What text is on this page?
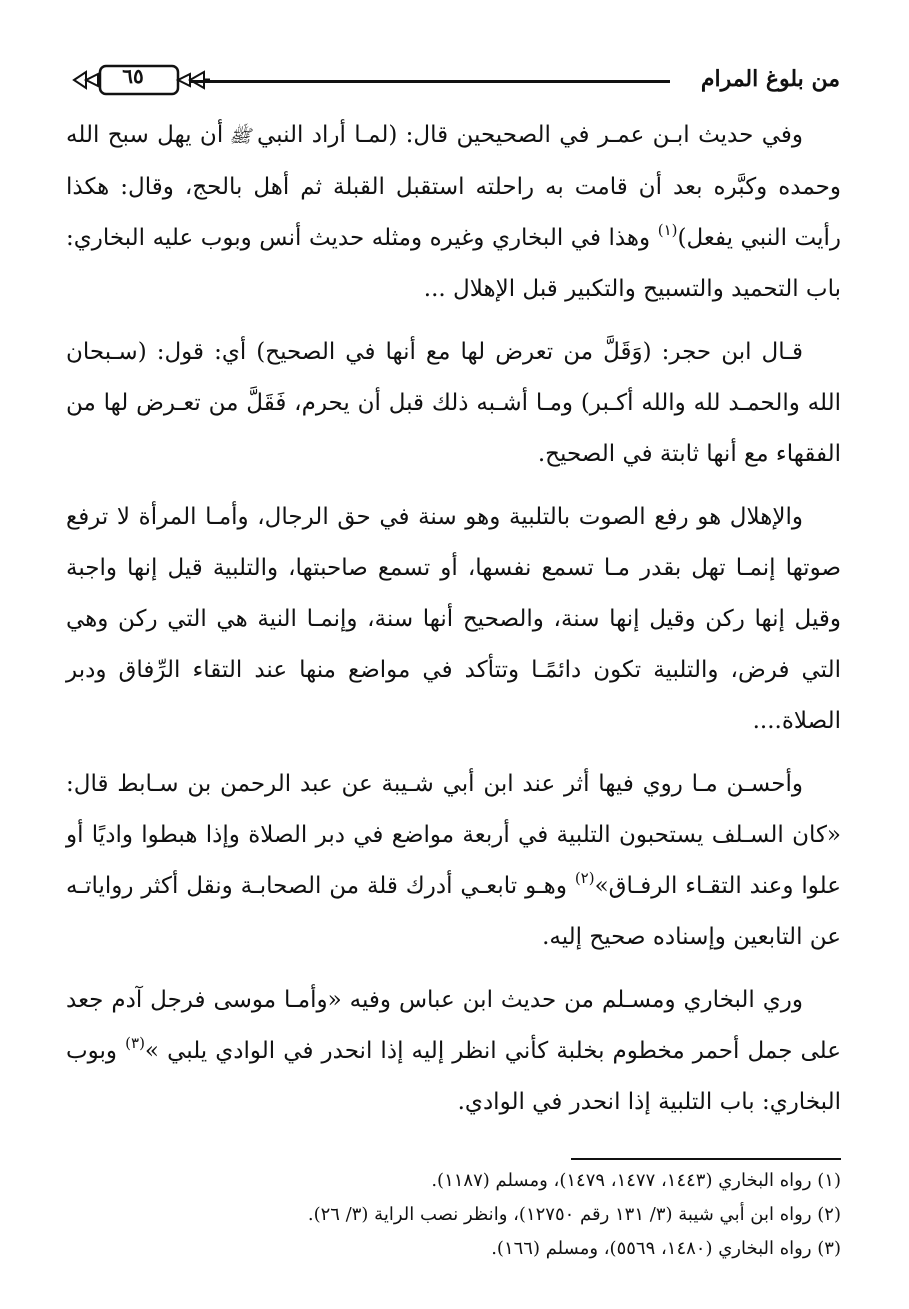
من بلوغ المرام
٦٥

وفي حديث ابـن عمـر في الصحيحين قال: (لمـا أراد النبيﷺأن يهل سبح الله وحمده وكبَّره بعد أن قامت به راحلته استقبل القبلة ثم أهل بالحج، وقال: هكذا رأيت النبي يفعل)$^{(١)}$ وهذا في البخاري وغيره ومثله حديث أنس وبوب عليه البخاري: باب التحميد والتسبيح والتكبير قبل الإهلال ...

قـال ابن حجر: (وَقَلَّ من تعرض لها مع أنها في الصحيح) أي: قول: (سـبحان الله والحمـد لله والله أكـبر) ومـا أشـبه ذلك قبل أن يحرم، فَقَلَّ من تعـرض لها من الفقهاء مع أنها ثابتة في الصحيح.

والإهلال هو رفع الصوت بالتلبية وهو سنة في حق الرجال، وأمـا المرأة لا ترفع صوتها إنمـا تهل بقدر مـا تسمع نفسها، أو تسمع صاحبتها، والتلبية قيل إنها واجبة وقيل إنها ركن وقيل إنها سنة، والصحيح أنها سنة، وإنمـا النية هي التي ركن وهي التي فرض، والتلبية تكون دائمًـا وتتأكد في مواضع منها عند التقاء الرِّفاق ودبر الصلاة....

وأحسـن مـا روي فيها أثر عند ابن أبي شـيبة عن عبد الرحمن بن سـابط قال: «كان السـلف يستحبون التلبية في أربعة مواضع في دبر الصلاة وإذا هبطوا واديًا أو علوا وعند التقـاء الرفـاق»$^{(٢)}$ وهـو تابعـي أدرك قلة من الصحابـة ونقل أكثر رواياتـه عن التابعين وإسناده صحيح إليه.

وري البخاري ومسـلم من حديث ابن عباس وفيه «وأمـا موسى فرجل آدم جعد على جمل أحمر مخطوم بخلبة كأني انظر إليه إذا انحدر في الوادي يلبي »$^{(٣)}$ وبوب البخاري: باب التلبية إذا انحدر في الوادي.

(١) رواه البخاري (١٤٤٣، ١٤٧٧، ١٤٧٩)، ومسلم (١١٨٧).

(٢) رواه ابن أبي شيبة (٣/ ١٣١ رقم ١٢٧٥٠)، وانظر نصب الراية (٣/ ٢٦).

(٣) رواه البخاري (١٤٨٠، ٥٥٦٩)، ومسلم (١٦٦).
